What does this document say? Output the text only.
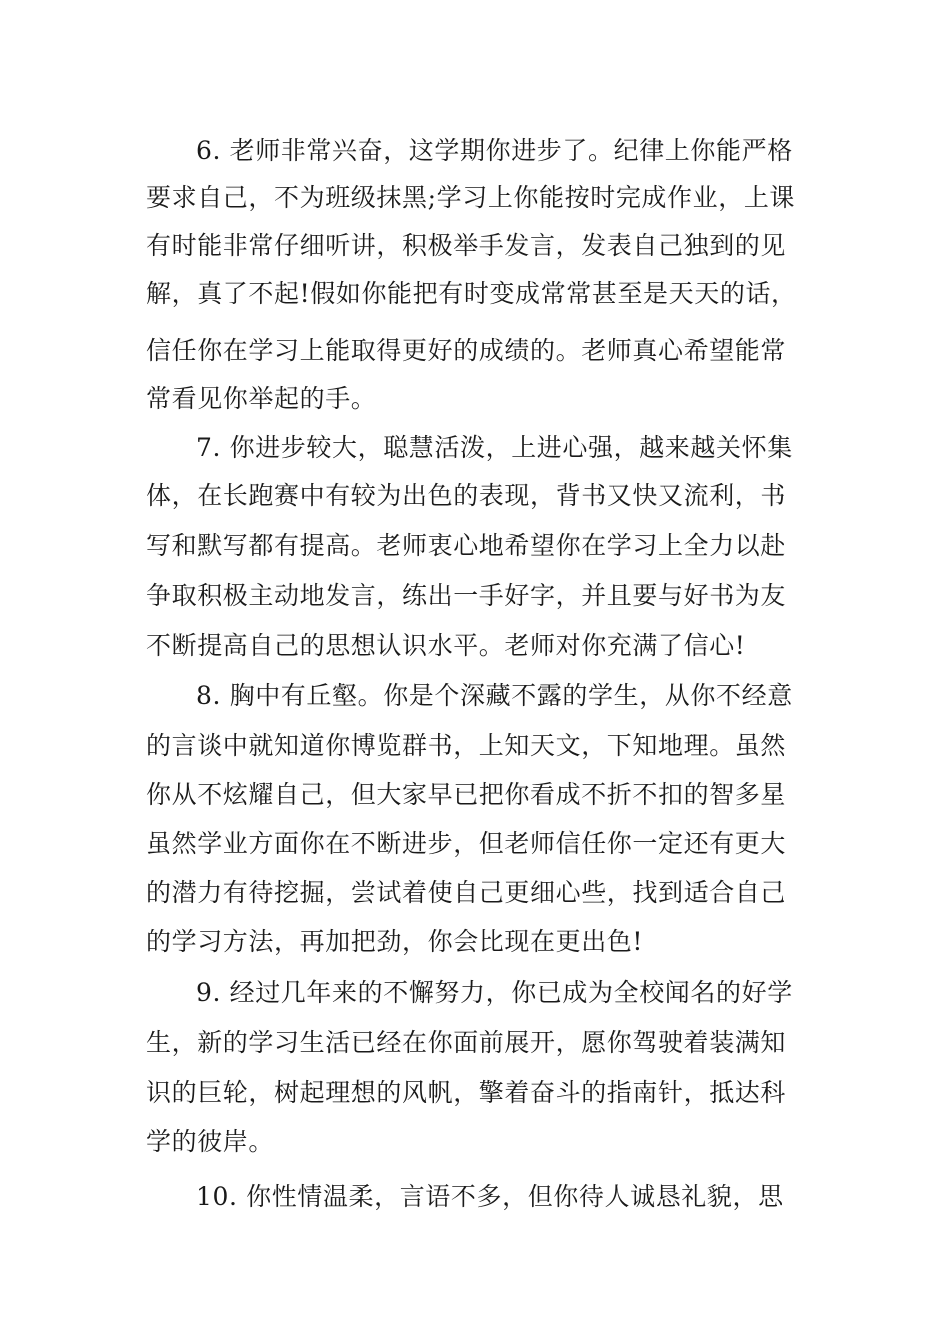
6. 老师非常兴奋，这学期你进步了。纪律上你能严格
要求自己，不为班级抹黑;学习上你能按时完成作业，上课
有时能非常仔细听讲，积极举手发言，发表自己独到的见
解，真了不起!假如你能把有时变成常常甚至是天天的话，
信任你在学习上能取得更好的成绩的。老师真心希望能常
常看见你举起的手。
7. 你进步较大，聪慧活泼，上进心强，越来越关怀集
体，在长跑赛中有较为出色的表现，背书又快又流利，书
写和默写都有提高。老师衷心地希望你在学习上全力以赴
争取积极主动地发言，练出一手好字，并且要与好书为友
不断提高自己的思想认识水平。老师对你充满了信心!
8. 胸中有丘壑。你是个深藏不露的学生，从你不经意
的言谈中就知道你博览群书，上知天文，下知地理。虽然
你从不炫耀自己，但大家早已把你看成不折不扣的智多星
虽然学业方面你在不断进步，但老师信任你一定还有更大
的潜力有待挖掘，尝试着使自己更细心些，找到适合自己
的学习方法，再加把劲，你会比现在更出色!
9. 经过几年来的不懈努力，你已成为全校闻名的好学
生，新的学习生活已经在你面前展开，愿你驾驶着装满知
识的巨轮，树起理想的风帆，擎着奋斗的指南针，抵达科
学的彼岸。
10. 你性情温柔，言语不多，但你待人诚恳礼貌，思
